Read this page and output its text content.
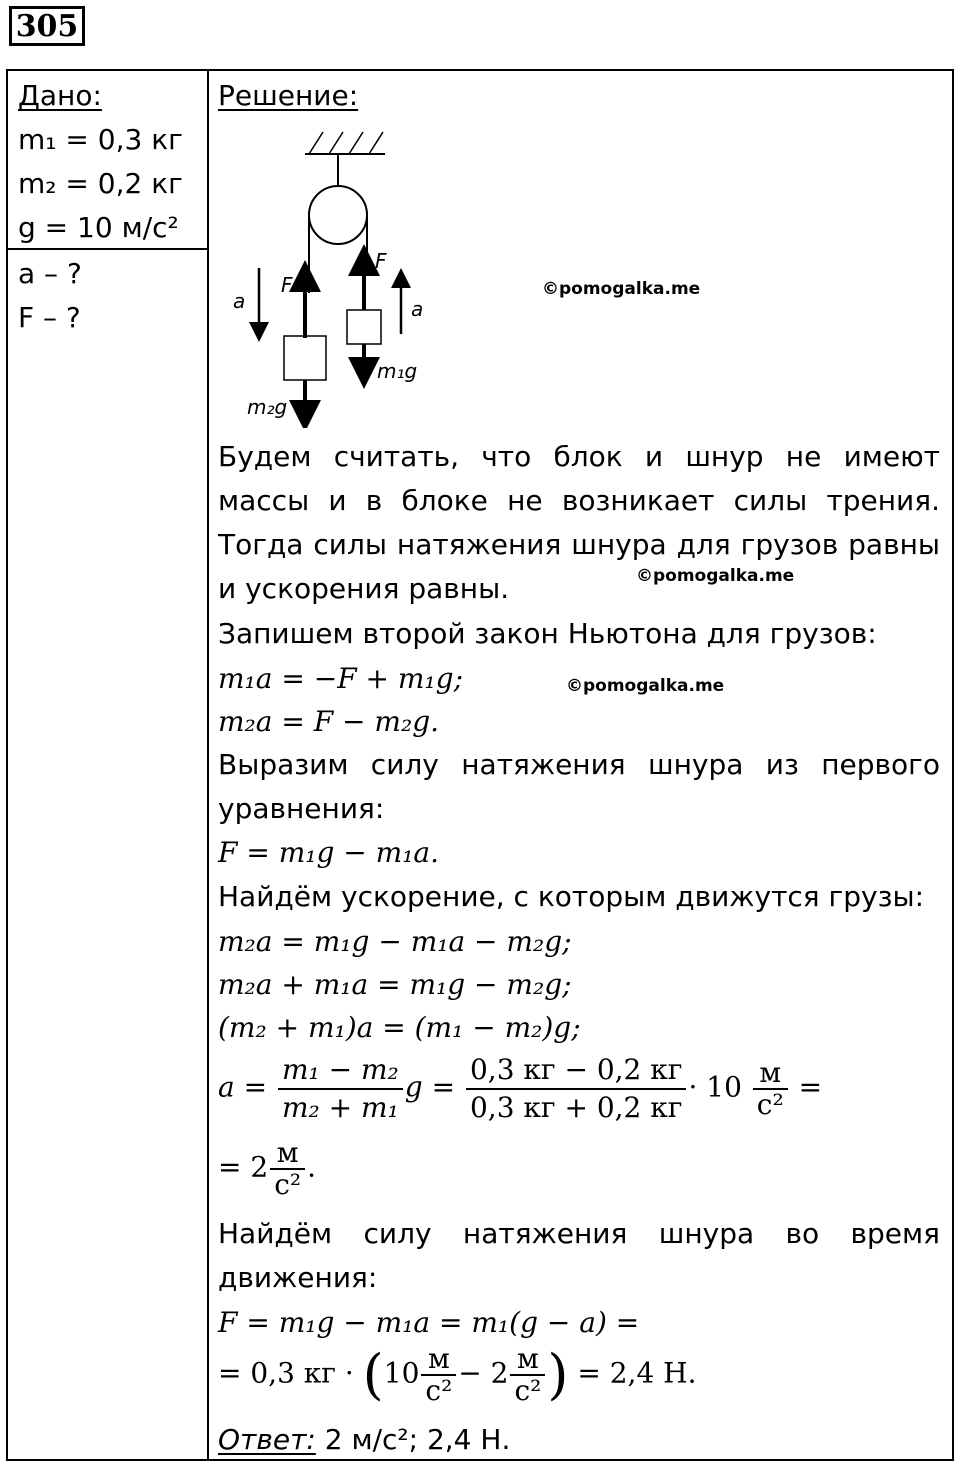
305
Дано:
m₁ = 0,3 кг
m₂ = 0,2 кг
g = 10 м/с²
a – ?
F – ?
Решение:
a
F
m₂g
F
a
m₁g
©pomogalka.me
©pomogalka.me
©pomogalka.me
Будем считать, что блок и шнур не имеют
массы и в блоке не возникает силы трения.
Тогда силы натяжения шнура для грузов равны
и ускорения равны.
Запишем второй закон Ньютона для грузов:
m₁a = −F + m₁g;
m₂a = F − m₂g.
Выразим силу натяжения шнура из первого
уравнения:
F = m₁g − m₁a.
Найдём ускорение, с которым движутся грузы:
m₂a = m₁g − m₁a − m₂g;
m₂a + m₁a = m₁g − m₂g;
(m₂ + m₁)a = (m₁ − m₂)g;
$a = \frac{\text{m₁ − m₂}}{\text{m₂ + m₁}}$ $g = \frac{0,3 кг - 0,2 кг}{0,3 кг + 0,2 кг} \cdot 10 \frac{м}{\text{с²}}$ =
= $2 \frac{м}{\text{с²}}$ .
Найдём силу натяжения шнура во время
движения:
F = m₁g − m₁a = m₁(g − a) =
= 0,3 кг · ($10 \frac{м}{\text{с²}} - 2 \frac{м}{\text{с²}}$ ) = 2,4 Н.
Ответ: 2 м/с²; 2,4 Н.
